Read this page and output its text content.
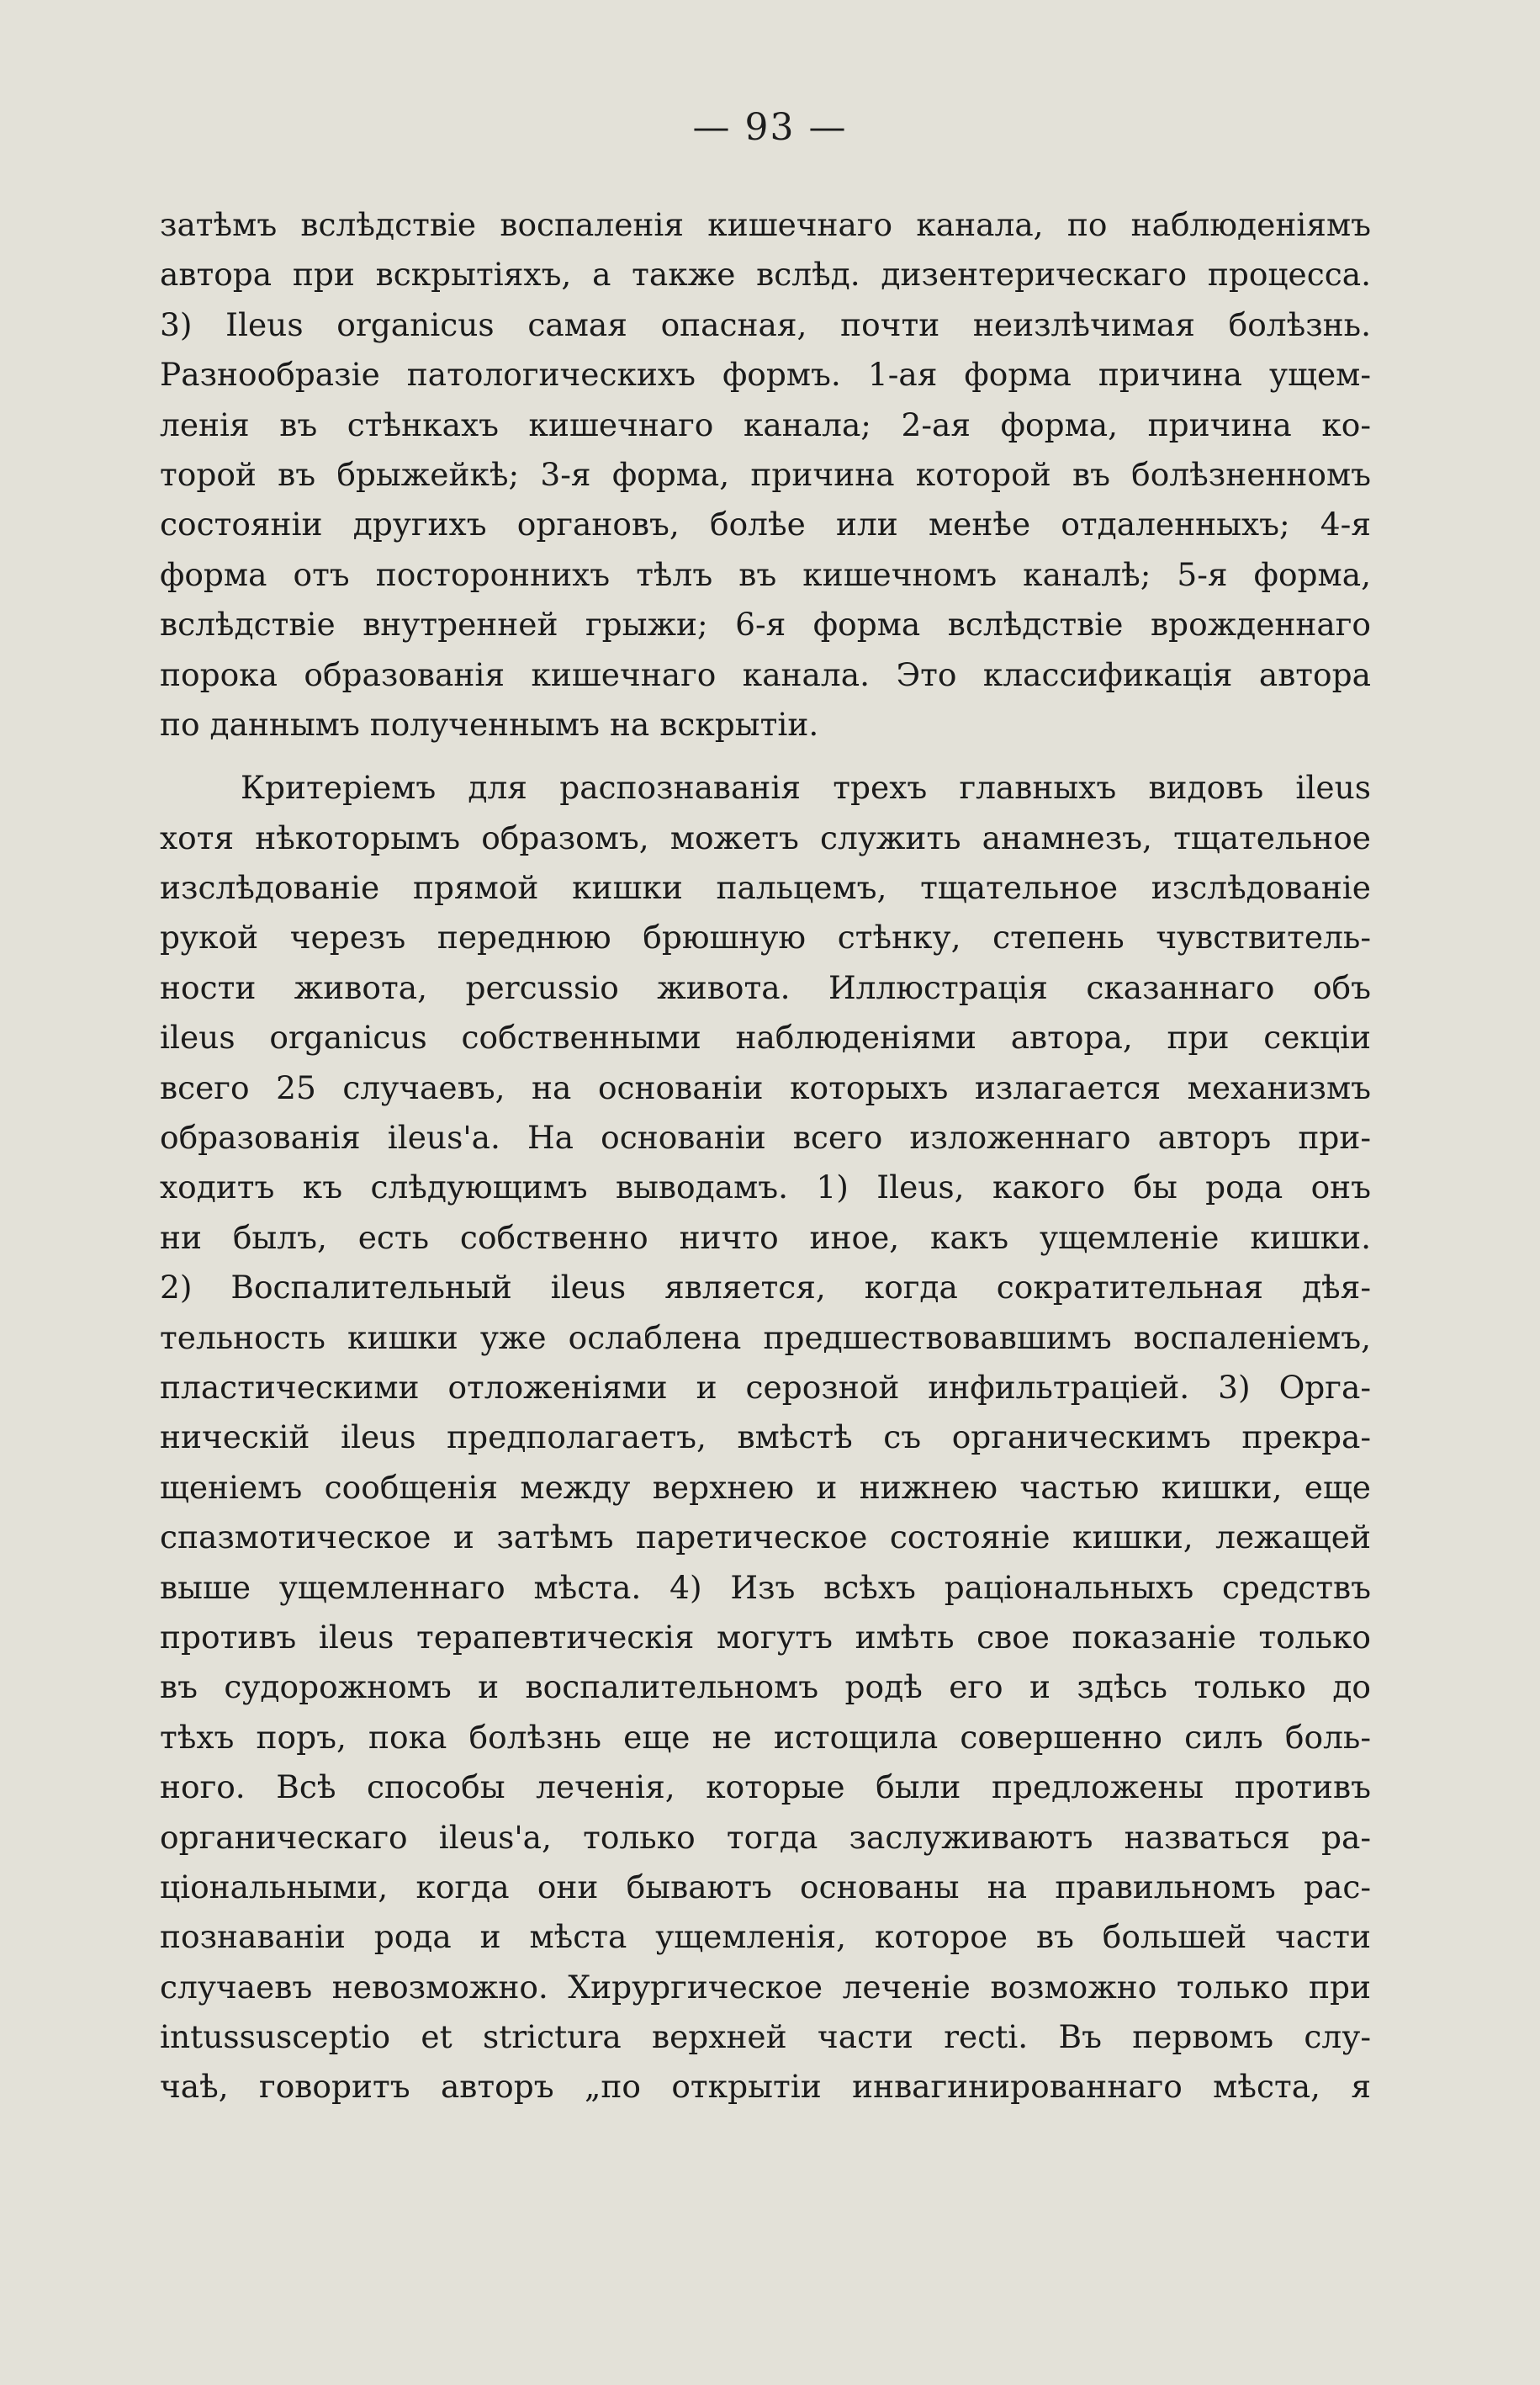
— 93 —
затѣмъ вслѣдствіе воспаленія кишечнаго канала, по наблюденіямъ
автора при вскрытіяхъ, а также вслѣд. дизентерическаго процесса.
3) Ileus organicus самая опасная, почти неизлѣчимая болѣзнь.
Разнообразіе патологическихъ формъ. 1-ая форма причина ущем-
ленія въ стѣнкахъ кишечнаго канала; 2-ая форма, причина ко-
торой въ брыжейкѣ; 3-я форма, причина которой въ болѣзненномъ
состояніи другихъ органовъ, болѣе или менѣе отдаленныхъ; 4-я
форма отъ постороннихъ тѣлъ въ кишечномъ каналѣ; 5-я форма,
вслѣдствіе внутренней грыжи; 6-я форма вслѣдствіе врожденнаго
порока образованія кишечнаго канала. Это классификація автора
по даннымъ полученнымъ на вскрытіи.
Критеріемъ для распознаванія трехъ главныхъ видовъ ileus
хотя нѣкоторымъ образомъ, можетъ служить анамнезъ, тщательное
изслѣдованіе прямой кишки пальцемъ, тщательное изслѣдованіе
рукой черезъ переднюю брюшную стѣнку, степень чувствитель-
ности живота, percussio живота. Иллюстрація сказаннаго объ
ileus organicus собственными наблюденіями автора, при секціи
всего 25 случаевъ, на основаніи которыхъ излагается механизмъ
образованія ileus'а. На основаніи всего изложеннаго авторъ при-
ходитъ къ слѣдующимъ выводамъ. 1) Ileus, какого бы рода онъ
ни былъ, есть собственно ничто иное, какъ ущемленіе кишки.
2) Воспалительный ileus является, когда сократительная дѣя-
тельность кишки уже ослаблена предшествовавшимъ воспаленіемъ,
пластическими отложеніями и серозной инфильтраціей. 3) Орга-
ническій ileus предполагаетъ, вмѣстѣ съ органическимъ прекра-
щеніемъ сообщенія между верхнею и нижнею частью кишки, еще
спазмотическое и затѣмъ паретическое состояніе кишки, лежащей
выше ущемленнаго мѣста. 4) Изъ всѣхъ раціональныхъ средствъ
противъ ileus терапевтическія могутъ имѣть свое показаніе только
въ судорожномъ и воспалительномъ родѣ его и здѣсь только до
тѣхъ поръ, пока болѣзнь еще не истощила совершенно силъ боль-
ного. Всѣ способы леченія, которые были предложены противъ
органическаго ileus'а, только тогда заслуживаютъ назваться ра-
ціональными, когда они бываютъ основаны на правильномъ рас-
познаваніи рода и мѣста ущемленія, которое въ большей части
случаевъ невозможно. Хирургическое леченіе возможно только при
intussusceptio et strictura верхней части recti. Въ первомъ слу-
чаѣ, говоритъ авторъ „по открытіи инвагинированнаго мѣста, я
